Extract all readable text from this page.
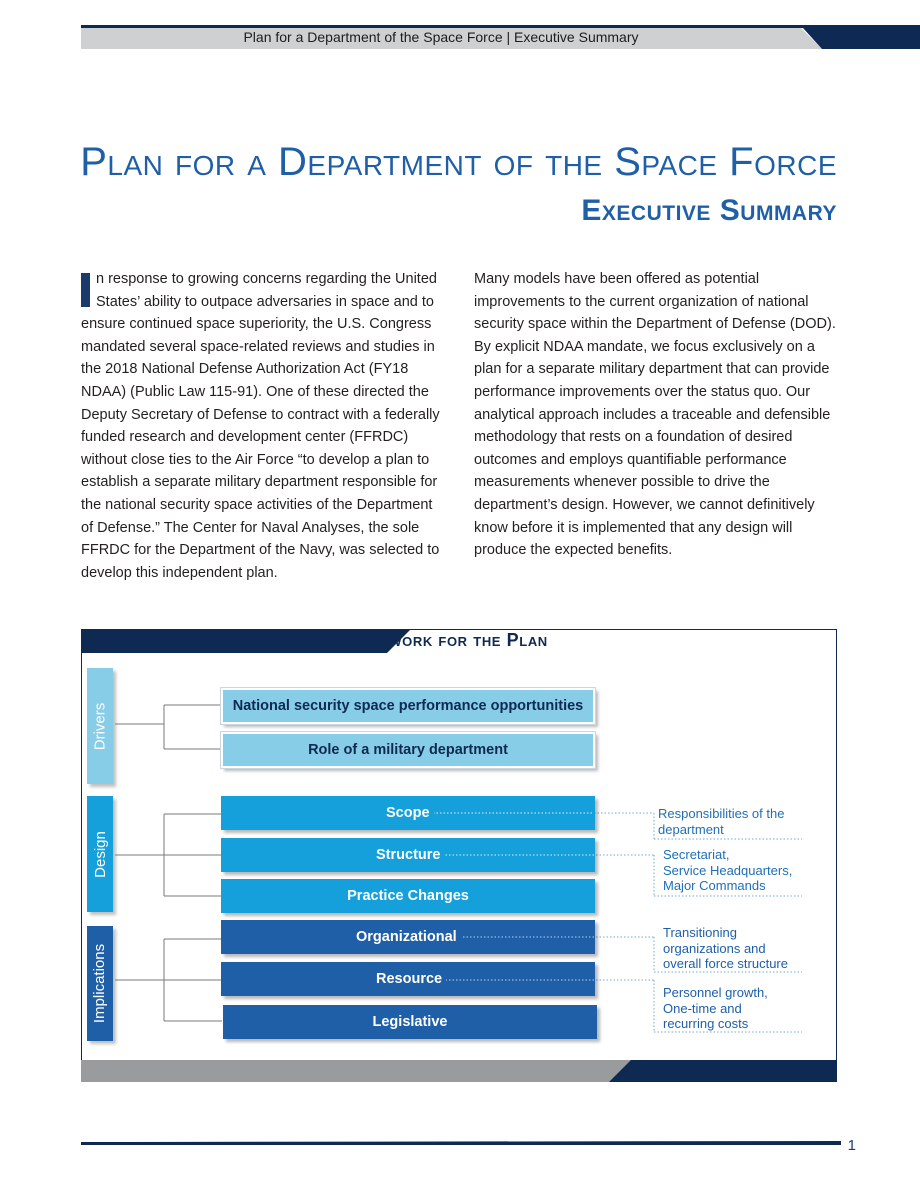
Plan for a Department of the Space Force | Executive Summary
Plan for a Department of the Space Force
Executive Summary

n response to growing concerns regarding the United States’ ability to outpace adversaries in space and to ensure continued space superiority, the U.S. Congress mandated several space-related reviews and studies in the 2018 National Defense Authorization Act (FY18 NDAA) (Public Law 115-91). One of these directed the Deputy Secretary of Defense to contract with a federally funded research and development center (FFRDC) without close ties to the Air Force “to develop a plan to establish a separate military department responsible for the national security space activities of the Department of Defense.” The Center for Naval Analyses, the sole FFRDC for the Department of the Navy, was selected to develop this independent plan.

Many models have been offered as potential improvements to the current organization of national security space within the Department of Defense (DOD). By explicit NDAA mandate, we focus exclusively on a plan for a separate military department that can provide performance improvements over the status quo. Our analytical approach includes a traceable and defensible methodology that rests on a foundation of desired outcomes and employs quantifiable performance measurements whenever possible to drive the department’s design. However, we cannot definitively know before it is implemented that any design will produce the expected benefits.

Framework for the Plan
Drivers
Design
Implications
National security space performance opportunities
Role of a military department
Scope
Structure
Practice Changes
Organizational
Resource
Legislative
Responsibilities of the
department
Secretariat,
Service Headquarters,
Major Commands
Transitioning
organizations and
overall force structure
Personnel growth,
One-time and
recurring costs
1
